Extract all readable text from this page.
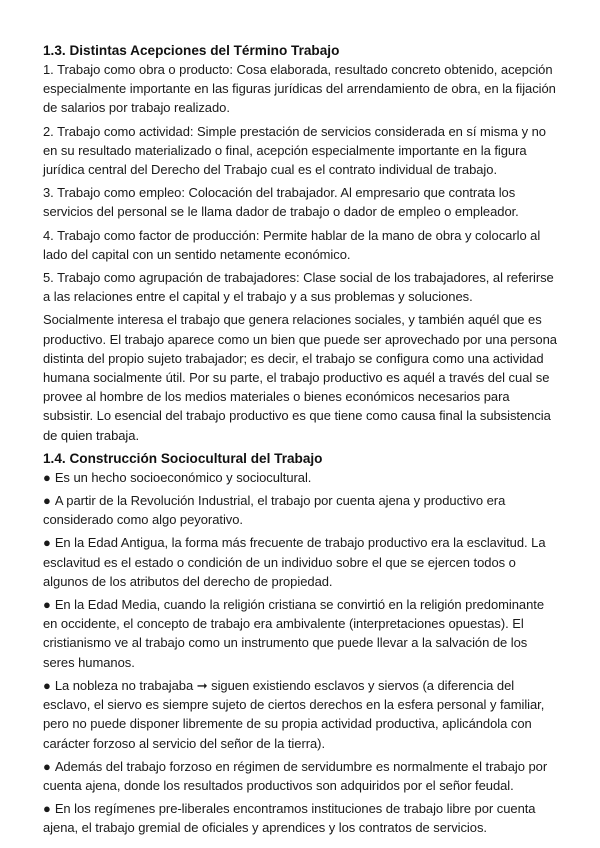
1.3. Distintas Acepciones del Término Trabajo

1. Trabajo como obra o producto: Cosa elaborada, resultado concreto obtenido, acepción especialmente importante en las figuras jurídicas del arrendamiento de obra, en la fijación de salarios por trabajo realizado.

2. Trabajo como actividad: Simple prestación de servicios considerada en sí misma y no en su resultado materializado o final, acepción especialmente importante en la figura jurídica central del Derecho del Trabajo cual es el contrato individual de trabajo.

3. Trabajo como empleo: Colocación del trabajador. Al empresario que contrata los servicios del personal se le llama dador de trabajo o dador de empleo o empleador.

4. Trabajo como factor de producción: Permite hablar de la mano de obra y colocarlo al lado del capital con un sentido netamente económico.

5. Trabajo como agrupación de trabajadores: Clase social de los trabajadores, al referirse a las relaciones entre el capital y el trabajo y a sus problemas y soluciones.

Socialmente interesa el trabajo que genera relaciones sociales, y también aquél que es productivo. El trabajo aparece como un bien que puede ser aprovechado por una persona distinta del propio sujeto trabajador; es decir, el trabajo se configura como una actividad humana socialmente útil. Por su parte, el trabajo productivo es aquél a través del cual se provee al hombre de los medios materiales o bienes económicos necesarios para subsistir. Lo esencial del trabajo productivo es que tiene como causa final la subsistencia de quien trabaja.

1.4. Construcción Sociocultural del Trabajo

● Es un hecho socioeconómico y sociocultural.

● A partir de la Revolución Industrial, el trabajo por cuenta ajena y productivo era considerado como algo peyorativo.

● En la Edad Antigua, la forma más frecuente de trabajo productivo era la esclavitud. La esclavitud es el estado o condición de un individuo sobre el que se ejercen todos o algunos de los atributos del derecho de propiedad.

● En la Edad Media, cuando la religión cristiana se convirtió en la religión predominante en occidente, el concepto de trabajo era ambivalente (interpretaciones opuestas). El cristianismo ve al trabajo como un instrumento que puede llevar a la salvación de los seres humanos.

● La nobleza no trabajaba ➞ siguen existiendo esclavos y siervos (a diferencia del esclavo, el siervo es siempre sujeto de ciertos derechos en la esfera personal y familiar, pero no puede disponer libremente de su propia actividad productiva, aplicándola con carácter forzoso al servicio del señor de la tierra).

● Además del trabajo forzoso en régimen de servidumbre es normalmente el trabajo por cuenta ajena, donde los resultados productivos son adquiridos por el señor feudal.

● En los regímenes pre-liberales encontramos instituciones de trabajo libre por cuenta ajena, el trabajo gremial de oficiales y aprendices y los contratos de servicios.
